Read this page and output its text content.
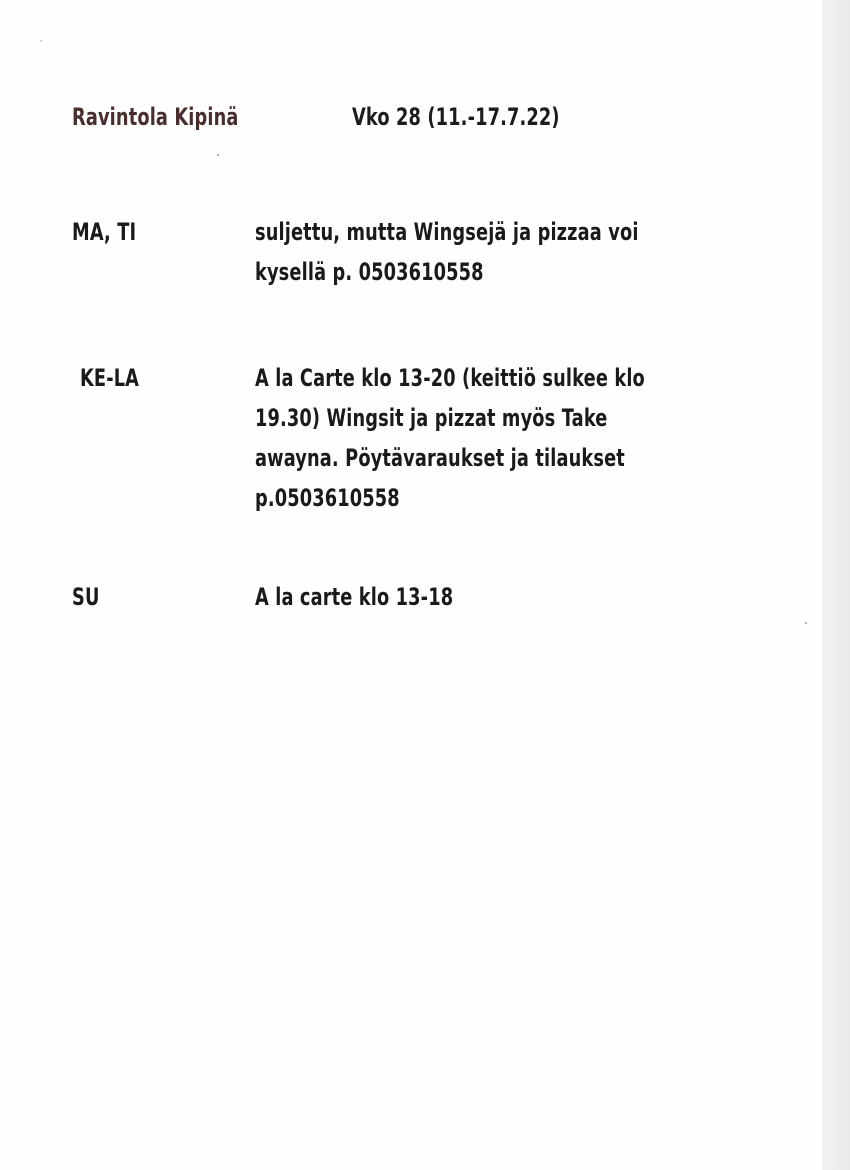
Ravintola Kipinä	Vko 28 (11.-17.7.22)
MA, TI	suljettu, mutta Wingsejä ja pizzaa voi
kysellä p. 0503610558
KE-LA	A la Carte klo 13-20 (keittiö sulkee klo
19.30) Wingsit ja pizzat myös Take
awayna. Pöytävaraukset ja tilaukset
p.0503610558
SU	A la carte klo 13-18
